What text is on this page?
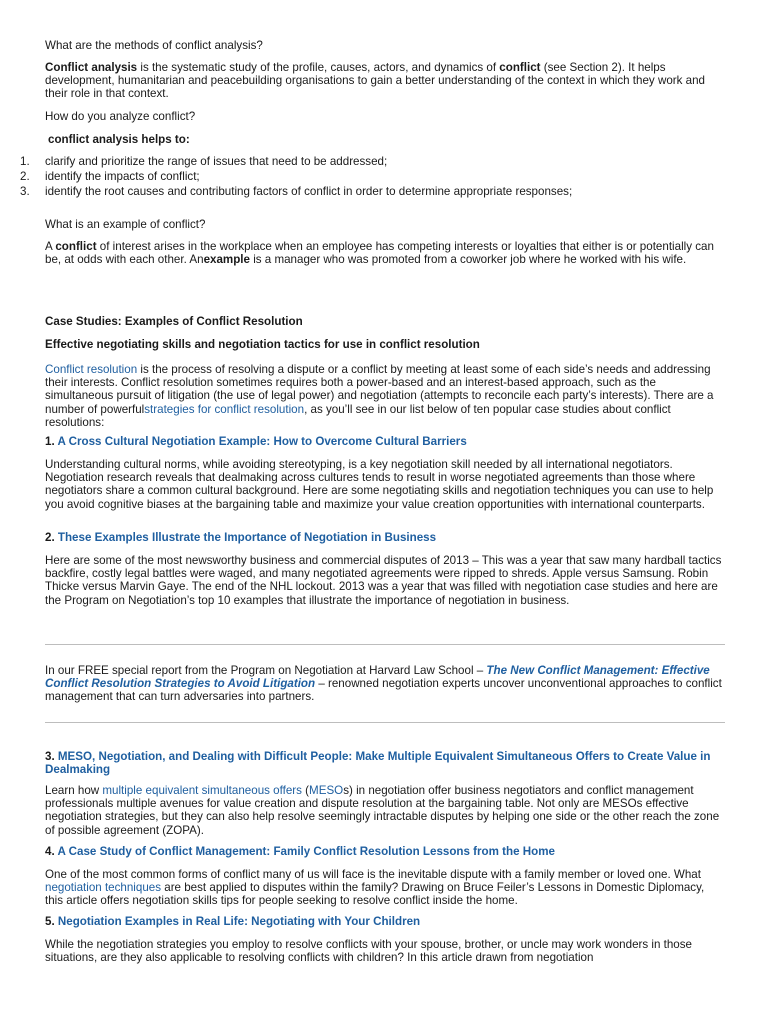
What are the methods of conflict analysis?

Conflict analysis is the systematic study of the profile, causes, actors, and dynamics of conflict (see Section 2). It helps development, humanitarian and peacebuilding organisations to gain a better understanding of the context in which they work and their role in that context.

How do you analyze conflict?
conflict analysis helps to:
1. clarify and prioritize the range of issues that need to be addressed;
2. identify the impacts of conflict;
3. identify the root causes and contributing factors of conflict in order to determine appropriate responses;
What is an example of conflict?

A conflict of interest arises in the workplace when an employee has competing interests or loyalties that either is or potentially can be, at odds with each other. Anexample is a manager who was promoted from a coworker job where he worked with his wife.

Case Studies: Examples of Conflict Resolution
Effective negotiating skills and negotiation tactics for use in conflict resolution

Conflict resolution is the process of resolving a dispute or a conflict by meeting at least some of each side’s needs and addressing their interests. Conflict resolution sometimes requires both a power-based and an interest-based approach, such as the simultaneous pursuit of litigation (the use of legal power) and negotiation (attempts to reconcile each party’s interests). There are a number of powerfulstrategies for conflict resolution, as you’ll see in our list below of ten popular case studies about conflict resolutions:

1. A Cross Cultural Negotiation Example: How to Overcome Cultural Barriers

Understanding cultural norms, while avoiding stereotyping, is a key negotiation skill needed by all international negotiators. Negotiation research reveals that dealmaking across cultures tends to result in worse negotiated agreements than those where negotiators share a common cultural background. Here are some negotiating skills and negotiation techniques you can use to help you avoid cognitive biases at the bargaining table and maximize your value creation opportunities with international counterparts.

2. These Examples Illustrate the Importance of Negotiation in Business

Here are some of the most newsworthy business and commercial disputes of 2013 – This was a year that saw many hardball tactics backfire, costly legal battles were waged, and many negotiated agreements were ripped to shreds. Apple versus Samsung. Robin Thicke versus Marvin Gaye. The end of the NHL lockout. 2013 was a year that was filled with negotiation case studies and here are the Program on Negotiation’s top 10 examples that illustrate the importance of negotiation in business.

In our FREE special report from the Program on Negotiation at Harvard Law School – The New Conflict Management: Effective Conflict Resolution Strategies to Avoid Litigation – renowned negotiation experts uncover unconventional approaches to conflict management that can turn adversaries into partners.

3. MESO, Negotiation, and Dealing with Difficult People: Make Multiple Equivalent Simultaneous Offers to Create Value in Dealmaking

Learn how multiple equivalent simultaneous offers (MESOs) in negotiation offer business negotiators and conflict management professionals multiple avenues for value creation and dispute resolution at the bargaining table. Not only are MESOs effective negotiation strategies, but they can also help resolve seemingly intractable disputes by helping one side or the other reach the zone of possible agreement (ZOPA).

4. A Case Study of Conflict Management: Family Conflict Resolution Lessons from the Home

One of the most common forms of conflict many of us will face is the inevitable dispute with a family member or loved one. What negotiation techniques are best applied to disputes within the family? Drawing on Bruce Feiler’s Lessons in Domestic Diplomacy, this article offers negotiation skills tips for people seeking to resolve conflict inside the home.

5. Negotiation Examples in Real Life: Negotiating with Your Children

While the negotiation strategies you employ to resolve conflicts with your spouse, brother, or uncle may work wonders in those situations, are they also applicable to resolving conflicts with children? In this article drawn from negotiation
